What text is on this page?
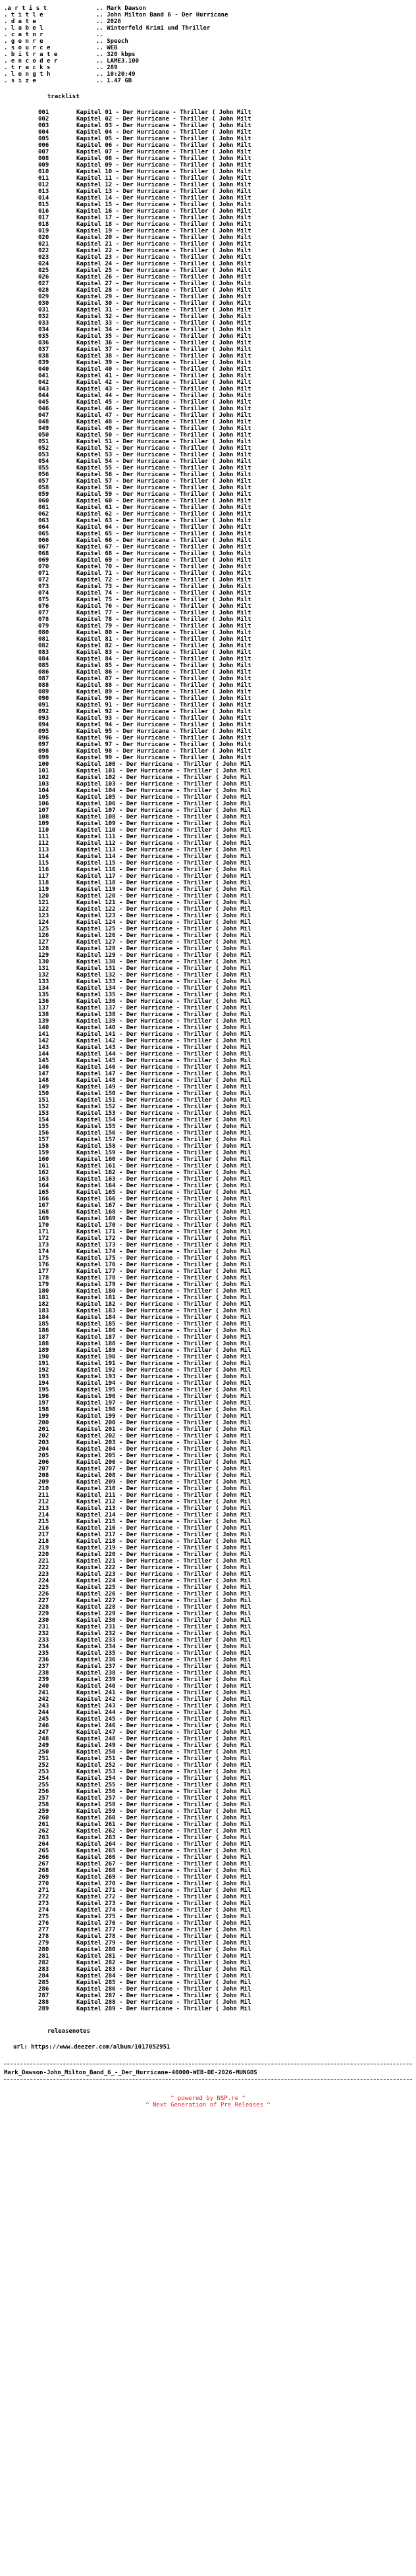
.a r t i s t	.. Mark Dawson
. t i t l e	.. John Milton Band 6 - Der Hurricane
. d a t e	.. 2026
. l a b e l	.. Winterfeld Krimi und Thriller
. c a t n r	..
. g e n r e	.. Speech
. s o u r c e	.. WEB
. b i t r a t e	.. 320 kbps
. e n c o d e r	.. LAME3.100
. t r a c k s	.. 289
. l e n g t h	.. 10:20:49
. s i z e	.. 1.47 GB
tracklist
001	Kapitel 01 - Der Hurricane - Thriller ( John Milt
002	Kapitel 02 - Der Hurricane - Thriller ( John Milt
003	Kapitel 03 - Der Hurricane - Thriller ( John Milt
004	Kapitel 04 - Der Hurricane - Thriller ( John Milt
005	Kapitel 05 - Der Hurricane - Thriller ( John Milt
006	Kapitel 06 - Der Hurricane - Thriller ( John Milt
007	Kapitel 07 - Der Hurricane - Thriller ( John Milt
008	Kapitel 08 - Der Hurricane - Thriller ( John Milt
009	Kapitel 09 - Der Hurricane - Thriller ( John Milt
010	Kapitel 10 - Der Hurricane - Thriller ( John Milt
011	Kapitel 11 - Der Hurricane - Thriller ( John Milt
012	Kapitel 12 - Der Hurricane - Thriller ( John Milt
013	Kapitel 13 - Der Hurricane - Thriller ( John Milt
014	Kapitel 14 - Der Hurricane - Thriller ( John Milt
015	Kapitel 15 - Der Hurricane - Thriller ( John Milt
016	Kapitel 16 - Der Hurricane - Thriller ( John Milt
017	Kapitel 17 - Der Hurricane - Thriller ( John Milt
018	Kapitel 18 - Der Hurricane - Thriller ( John Milt
019	Kapitel 19 - Der Hurricane - Thriller ( John Milt
020	Kapitel 20 - Der Hurricane - Thriller ( John Milt
021	Kapitel 21 - Der Hurricane - Thriller ( John Milt
022	Kapitel 22 - Der Hurricane - Thriller ( John Milt
023	Kapitel 23 - Der Hurricane - Thriller ( John Milt
024	Kapitel 24 - Der Hurricane - Thriller ( John Milt
025	Kapitel 25 - Der Hurricane - Thriller ( John Milt
026	Kapitel 26 - Der Hurricane - Thriller ( John Milt
027	Kapitel 27 - Der Hurricane - Thriller ( John Milt
028	Kapitel 28 - Der Hurricane - Thriller ( John Milt
029	Kapitel 29 - Der Hurricane - Thriller ( John Milt
030	Kapitel 30 - Der Hurricane - Thriller ( John Milt
031	Kapitel 31 - Der Hurricane - Thriller ( John Milt
032	Kapitel 32 - Der Hurricane - Thriller ( John Milt
033	Kapitel 33 - Der Hurricane - Thriller ( John Milt
034	Kapitel 34 - Der Hurricane - Thriller ( John Milt
035	Kapitel 35 - Der Hurricane - Thriller ( John Milt
036	Kapitel 36 - Der Hurricane - Thriller ( John Milt
037	Kapitel 37 - Der Hurricane - Thriller ( John Milt
038	Kapitel 38 - Der Hurricane - Thriller ( John Milt
039	Kapitel 39 - Der Hurricane - Thriller ( John Milt
040	Kapitel 40 - Der Hurricane - Thriller ( John Milt
041	Kapitel 41 - Der Hurricane - Thriller ( John Milt
042	Kapitel 42 - Der Hurricane - Thriller ( John Milt
043	Kapitel 43 - Der Hurricane - Thriller ( John Milt
044	Kapitel 44 - Der Hurricane - Thriller ( John Milt
045	Kapitel 45 - Der Hurricane - Thriller ( John Milt
046	Kapitel 46 - Der Hurricane - Thriller ( John Milt
047	Kapitel 47 - Der Hurricane - Thriller ( John Milt
048	Kapitel 48 - Der Hurricane - Thriller ( John Milt
049	Kapitel 49 - Der Hurricane - Thriller ( John Milt
050	Kapitel 50 - Der Hurricane - Thriller ( John Milt
051	Kapitel 51 - Der Hurricane - Thriller ( John Milt
052	Kapitel 52 - Der Hurricane - Thriller ( John Milt
053	Kapitel 53 - Der Hurricane - Thriller ( John Milt
054	Kapitel 54 - Der Hurricane - Thriller ( John Milt
055	Kapitel 55 - Der Hurricane - Thriller ( John Milt
056	Kapitel 56 - Der Hurricane - Thriller ( John Milt
057	Kapitel 57 - Der Hurricane - Thriller ( John Milt
058	Kapitel 58 - Der Hurricane - Thriller ( John Milt
059	Kapitel 59 - Der Hurricane - Thriller ( John Milt
060	Kapitel 60 - Der Hurricane - Thriller ( John Milt
061	Kapitel 61 - Der Hurricane - Thriller ( John Milt
062	Kapitel 62 - Der Hurricane - Thriller ( John Milt
063	Kapitel 63 - Der Hurricane - Thriller ( John Milt
064	Kapitel 64 - Der Hurricane - Thriller ( John Milt
065	Kapitel 65 - Der Hurricane - Thriller ( John Milt
066	Kapitel 66 - Der Hurricane - Thriller ( John Milt
067	Kapitel 67 - Der Hurricane - Thriller ( John Milt
068	Kapitel 68 - Der Hurricane - Thriller ( John Milt
069	Kapitel 69 - Der Hurricane - Thriller ( John Milt
070	Kapitel 70 - Der Hurricane - Thriller ( John Milt
071	Kapitel 71 - Der Hurricane - Thriller ( John Milt
072	Kapitel 72 - Der Hurricane - Thriller ( John Milt
073	Kapitel 73 - Der Hurricane - Thriller ( John Milt
074	Kapitel 74 - Der Hurricane - Thriller ( John Milt
075	Kapitel 75 - Der Hurricane - Thriller ( John Milt
076	Kapitel 76 - Der Hurricane - Thriller ( John Milt
077	Kapitel 77 - Der Hurricane - Thriller ( John Milt
078	Kapitel 78 - Der Hurricane - Thriller ( John Milt
079	Kapitel 79 - Der Hurricane - Thriller ( John Milt
080	Kapitel 80 - Der Hurricane - Thriller ( John Milt
081	Kapitel 81 - Der Hurricane - Thriller ( John Milt
082	Kapitel 82 - Der Hurricane - Thriller ( John Milt
083	Kapitel 83 - Der Hurricane - Thriller ( John Milt
084	Kapitel 84 - Der Hurricane - Thriller ( John Milt
085	Kapitel 85 - Der Hurricane - Thriller ( John Milt
086	Kapitel 86 - Der Hurricane - Thriller ( John Milt
087	Kapitel 87 - Der Hurricane - Thriller ( John Milt
088	Kapitel 88 - Der Hurricane - Thriller ( John Milt
089	Kapitel 89 - Der Hurricane - Thriller ( John Milt
090	Kapitel 90 - Der Hurricane - Thriller ( John Milt
091	Kapitel 91 - Der Hurricane - Thriller ( John Milt
092	Kapitel 92 - Der Hurricane - Thriller ( John Milt
093	Kapitel 93 - Der Hurricane - Thriller ( John Milt
094	Kapitel 94 - Der Hurricane - Thriller ( John Milt
095	Kapitel 95 - Der Hurricane - Thriller ( John Milt
096	Kapitel 96 - Der Hurricane - Thriller ( John Milt
097	Kapitel 97 - Der Hurricane - Thriller ( John Milt
098	Kapitel 98 - Der Hurricane - Thriller ( John Milt
099	Kapitel 99 - Der Hurricane - Thriller ( John Milt
100	Kapitel 100 - Der Hurricane - Thriller ( John Mil
101	Kapitel 101 - Der Hurricane - Thriller ( John Mil
102	Kapitel 102 - Der Hurricane - Thriller ( John Mil
103	Kapitel 103 - Der Hurricane - Thriller ( John Mil
104	Kapitel 104 - Der Hurricane - Thriller ( John Mil
105	Kapitel 105 - Der Hurricane - Thriller ( John Mil
106	Kapitel 106 - Der Hurricane - Thriller ( John Mil
107	Kapitel 107 - Der Hurricane - Thriller ( John Mil
108	Kapitel 108 - Der Hurricane - Thriller ( John Mil
109	Kapitel 109 - Der Hurricane - Thriller ( John Mil
110	Kapitel 110 - Der Hurricane - Thriller ( John Mil
111	Kapitel 111 - Der Hurricane - Thriller ( John Mil
112	Kapitel 112 - Der Hurricane - Thriller ( John Mil
113	Kapitel 113 - Der Hurricane - Thriller ( John Mil
114	Kapitel 114 - Der Hurricane - Thriller ( John Mil
115	Kapitel 115 - Der Hurricane - Thriller ( John Mil
116	Kapitel 116 - Der Hurricane - Thriller ( John Mil
117	Kapitel 117 - Der Hurricane - Thriller ( John Mil
118	Kapitel 118 - Der Hurricane - Thriller ( John Mil
119	Kapitel 119 - Der Hurricane - Thriller ( John Mil
120	Kapitel 120 - Der Hurricane - Thriller ( John Mil
121	Kapitel 121 - Der Hurricane - Thriller ( John Mil
122	Kapitel 122 - Der Hurricane - Thriller ( John Mil
123	Kapitel 123 - Der Hurricane - Thriller ( John Mil
124	Kapitel 124 - Der Hurricane - Thriller ( John Mil
125	Kapitel 125 - Der Hurricane - Thriller ( John Mil
126	Kapitel 126 - Der Hurricane - Thriller ( John Mil
127	Kapitel 127 - Der Hurricane - Thriller ( John Mil
128	Kapitel 128 - Der Hurricane - Thriller ( John Mil
129	Kapitel 129 - Der Hurricane - Thriller ( John Mil
130	Kapitel 130 - Der Hurricane - Thriller ( John Mil
131	Kapitel 131 - Der Hurricane - Thriller ( John Mil
132	Kapitel 132 - Der Hurricane - Thriller ( John Mil
133	Kapitel 133 - Der Hurricane - Thriller ( John Mil
134	Kapitel 134 - Der Hurricane - Thriller ( John Mil
135	Kapitel 135 - Der Hurricane - Thriller ( John Mil
136	Kapitel 136 - Der Hurricane - Thriller ( John Mil
137	Kapitel 137 - Der Hurricane - Thriller ( John Mil
138	Kapitel 138 - Der Hurricane - Thriller ( John Mil
139	Kapitel 139 - Der Hurricane - Thriller ( John Mil
140	Kapitel 140 - Der Hurricane - Thriller ( John Mil
141	Kapitel 141 - Der Hurricane - Thriller ( John Mil
142	Kapitel 142 - Der Hurricane - Thriller ( John Mil
143	Kapitel 143 - Der Hurricane - Thriller ( John Mil
144	Kapitel 144 - Der Hurricane - Thriller ( John Mil
145	Kapitel 145 - Der Hurricane - Thriller ( John Mil
146	Kapitel 146 - Der Hurricane - Thriller ( John Mil
147	Kapitel 147 - Der Hurricane - Thriller ( John Mil
148	Kapitel 148 - Der Hurricane - Thriller ( John Mil
149	Kapitel 149 - Der Hurricane - Thriller ( John Mil
150	Kapitel 150 - Der Hurricane - Thriller ( John Mil
151	Kapitel 151 - Der Hurricane - Thriller ( John Mil
152	Kapitel 152 - Der Hurricane - Thriller ( John Mil
153	Kapitel 153 - Der Hurricane - Thriller ( John Mil
154	Kapitel 154 - Der Hurricane - Thriller ( John Mil
155	Kapitel 155 - Der Hurricane - Thriller ( John Mil
156	Kapitel 156 - Der Hurricane - Thriller ( John Mil
157	Kapitel 157 - Der Hurricane - Thriller ( John Mil
158	Kapitel 158 - Der Hurricane - Thriller ( John Mil
159	Kapitel 159 - Der Hurricane - Thriller ( John Mil
160	Kapitel 160 - Der Hurricane - Thriller ( John Mil
161	Kapitel 161 - Der Hurricane - Thriller ( John Mil
162	Kapitel 162 - Der Hurricane - Thriller ( John Mil
163	Kapitel 163 - Der Hurricane - Thriller ( John Mil
164	Kapitel 164 - Der Hurricane - Thriller ( John Mil
165	Kapitel 165 - Der Hurricane - Thriller ( John Mil
166	Kapitel 166 - Der Hurricane - Thriller ( John Mil
167	Kapitel 167 - Der Hurricane - Thriller ( John Mil
168	Kapitel 168 - Der Hurricane - Thriller ( John Mil
169	Kapitel 169 - Der Hurricane - Thriller ( John Mil
170	Kapitel 170 - Der Hurricane - Thriller ( John Mil
171	Kapitel 171 - Der Hurricane - Thriller ( John Mil
172	Kapitel 172 - Der Hurricane - Thriller ( John Mil
173	Kapitel 173 - Der Hurricane - Thriller ( John Mil
174	Kapitel 174 - Der Hurricane - Thriller ( John Mil
175	Kapitel 175 - Der Hurricane - Thriller ( John Mil
176	Kapitel 176 - Der Hurricane - Thriller ( John Mil
177	Kapitel 177 - Der Hurricane - Thriller ( John Mil
178	Kapitel 178 - Der Hurricane - Thriller ( John Mil
179	Kapitel 179 - Der Hurricane - Thriller ( John Mil
180	Kapitel 180 - Der Hurricane - Thriller ( John Mil
181	Kapitel 181 - Der Hurricane - Thriller ( John Mil
182	Kapitel 182 - Der Hurricane - Thriller ( John Mil
183	Kapitel 183 - Der Hurricane - Thriller ( John Mil
184	Kapitel 184 - Der Hurricane - Thriller ( John Mil
185	Kapitel 185 - Der Hurricane - Thriller ( John Mil
186	Kapitel 186 - Der Hurricane - Thriller ( John Mil
187	Kapitel 187 - Der Hurricane - Thriller ( John Mil
188	Kapitel 188 - Der Hurricane - Thriller ( John Mil
189	Kapitel 189 - Der Hurricane - Thriller ( John Mil
190	Kapitel 190 - Der Hurricane - Thriller ( John Mil
191	Kapitel 191 - Der Hurricane - Thriller ( John Mil
192	Kapitel 192 - Der Hurricane - Thriller ( John Mil
193	Kapitel 193 - Der Hurricane - Thriller ( John Mil
194	Kapitel 194 - Der Hurricane - Thriller ( John Mil
195	Kapitel 195 - Der Hurricane - Thriller ( John Mil
196	Kapitel 196 - Der Hurricane - Thriller ( John Mil
197	Kapitel 197 - Der Hurricane - Thriller ( John Mil
198	Kapitel 198 - Der Hurricane - Thriller ( John Mil
199	Kapitel 199 - Der Hurricane - Thriller ( John Mil
200	Kapitel 200 - Der Hurricane - Thriller ( John Mil
201	Kapitel 201 - Der Hurricane - Thriller ( John Mil
202	Kapitel 202 - Der Hurricane - Thriller ( John Mil
203	Kapitel 203 - Der Hurricane - Thriller ( John Mil
204	Kapitel 204 - Der Hurricane - Thriller ( John Mil
205	Kapitel 205 - Der Hurricane - Thriller ( John Mil
206	Kapitel 206 - Der Hurricane - Thriller ( John Mil
207	Kapitel 207 - Der Hurricane - Thriller ( John Mil
208	Kapitel 208 - Der Hurricane - Thriller ( John Mil
209	Kapitel 209 - Der Hurricane - Thriller ( John Mil
210	Kapitel 210 - Der Hurricane - Thriller ( John Mil
211	Kapitel 211 - Der Hurricane - Thriller ( John Mil
212	Kapitel 212 - Der Hurricane - Thriller ( John Mil
213	Kapitel 213 - Der Hurricane - Thriller ( John Mil
214	Kapitel 214 - Der Hurricane - Thriller ( John Mil
215	Kapitel 215 - Der Hurricane - Thriller ( John Mil
216	Kapitel 216 - Der Hurricane - Thriller ( John Mil
217	Kapitel 217 - Der Hurricane - Thriller ( John Mil
218	Kapitel 218 - Der Hurricane - Thriller ( John Mil
219	Kapitel 219 - Der Hurricane - Thriller ( John Mil
220	Kapitel 220 - Der Hurricane - Thriller ( John Mil
221	Kapitel 221 - Der Hurricane - Thriller ( John Mil
222	Kapitel 222 - Der Hurricane - Thriller ( John Mil
223	Kapitel 223 - Der Hurricane - Thriller ( John Mil
224	Kapitel 224 - Der Hurricane - Thriller ( John Mil
225	Kapitel 225 - Der Hurricane - Thriller ( John Mil
226	Kapitel 226 - Der Hurricane - Thriller ( John Mil
227	Kapitel 227 - Der Hurricane - Thriller ( John Mil
228	Kapitel 228 - Der Hurricane - Thriller ( John Mil
229	Kapitel 229 - Der Hurricane - Thriller ( John Mil
230	Kapitel 230 - Der Hurricane - Thriller ( John Mil
231	Kapitel 231 - Der Hurricane - Thriller ( John Mil
232	Kapitel 232 - Der Hurricane - Thriller ( John Mil
233	Kapitel 233 - Der Hurricane - Thriller ( John Mil
234	Kapitel 234 - Der Hurricane - Thriller ( John Mil
235	Kapitel 235 - Der Hurricane - Thriller ( John Mil
236	Kapitel 236 - Der Hurricane - Thriller ( John Mil
237	Kapitel 237 - Der Hurricane - Thriller ( John Mil
238	Kapitel 238 - Der Hurricane - Thriller ( John Mil
239	Kapitel 239 - Der Hurricane - Thriller ( John Mil
240	Kapitel 240 - Der Hurricane - Thriller ( John Mil
241	Kapitel 241 - Der Hurricane - Thriller ( John Mil
242	Kapitel 242 - Der Hurricane - Thriller ( John Mil
243	Kapitel 243 - Der Hurricane - Thriller ( John Mil
244	Kapitel 244 - Der Hurricane - Thriller ( John Mil
245	Kapitel 245 - Der Hurricane - Thriller ( John Mil
246	Kapitel 246 - Der Hurricane - Thriller ( John Mil
247	Kapitel 247 - Der Hurricane - Thriller ( John Mil
248	Kapitel 248 - Der Hurricane - Thriller ( John Mil
249	Kapitel 249 - Der Hurricane - Thriller ( John Mil
250	Kapitel 250 - Der Hurricane - Thriller ( John Mil
251	Kapitel 251 - Der Hurricane - Thriller ( John Mil
252	Kapitel 252 - Der Hurricane - Thriller ( John Mil
253	Kapitel 253 - Der Hurricane - Thriller ( John Mil
254	Kapitel 254 - Der Hurricane - Thriller ( John Mil
255	Kapitel 255 - Der Hurricane - Thriller ( John Mil
256	Kapitel 256 - Der Hurricane - Thriller ( John Mil
257	Kapitel 257 - Der Hurricane - Thriller ( John Mil
258	Kapitel 258 - Der Hurricane - Thriller ( John Mil
259	Kapitel 259 - Der Hurricane - Thriller ( John Mil
260	Kapitel 260 - Der Hurricane - Thriller ( John Mil
261	Kapitel 261 - Der Hurricane - Thriller ( John Mil
262	Kapitel 262 - Der Hurricane - Thriller ( John Mil
263	Kapitel 263 - Der Hurricane - Thriller ( John Mil
264	Kapitel 264 - Der Hurricane - Thriller ( John Mil
265	Kapitel 265 - Der Hurricane - Thriller ( John Mil
266	Kapitel 266 - Der Hurricane - Thriller ( John Mil
267	Kapitel 267 - Der Hurricane - Thriller ( John Mil
268	Kapitel 268 - Der Hurricane - Thriller ( John Mil
269	Kapitel 269 - Der Hurricane - Thriller ( John Mil
270	Kapitel 270 - Der Hurricane - Thriller ( John Mil
271	Kapitel 271 - Der Hurricane - Thriller ( John Mil
272	Kapitel 272 - Der Hurricane - Thriller ( John Mil
273	Kapitel 273 - Der Hurricane - Thriller ( John Mil
274	Kapitel 274 - Der Hurricane - Thriller ( John Mil
275	Kapitel 275 - Der Hurricane - Thriller ( John Mil
276	Kapitel 276 - Der Hurricane - Thriller ( John Mil
277	Kapitel 277 - Der Hurricane - Thriller ( John Mil
278	Kapitel 278 - Der Hurricane - Thriller ( John Mil
279	Kapitel 279 - Der Hurricane - Thriller ( John Mil
280	Kapitel 280 - Der Hurricane - Thriller ( John Mil
281	Kapitel 281 - Der Hurricane - Thriller ( John Mil
282	Kapitel 282 - Der Hurricane - Thriller ( John Mil
283	Kapitel 283 - Der Hurricane - Thriller ( John Mil
284	Kapitel 284 - Der Hurricane - Thriller ( John Mil
285	Kapitel 285 - Der Hurricane - Thriller ( John Mil
286	Kapitel 286 - Der Hurricane - Thriller ( John Mil
287	Kapitel 287 - Der Hurricane - Thriller ( John Mil
288	Kapitel 288 - Der Hurricane - Thriller ( John Mil
289	Kapitel 289 - Der Hurricane - Thriller ( John Mil
releasenotes
url: https://www.deezer.com/album/1017052951
Mark_Dawson-John_Milton_Band_6_-_Der_Hurricane-40000-WEB-DE-2026-MUNGOS
^ powered by NSP.re ^
^ Next Generation of Pre Releases ^
